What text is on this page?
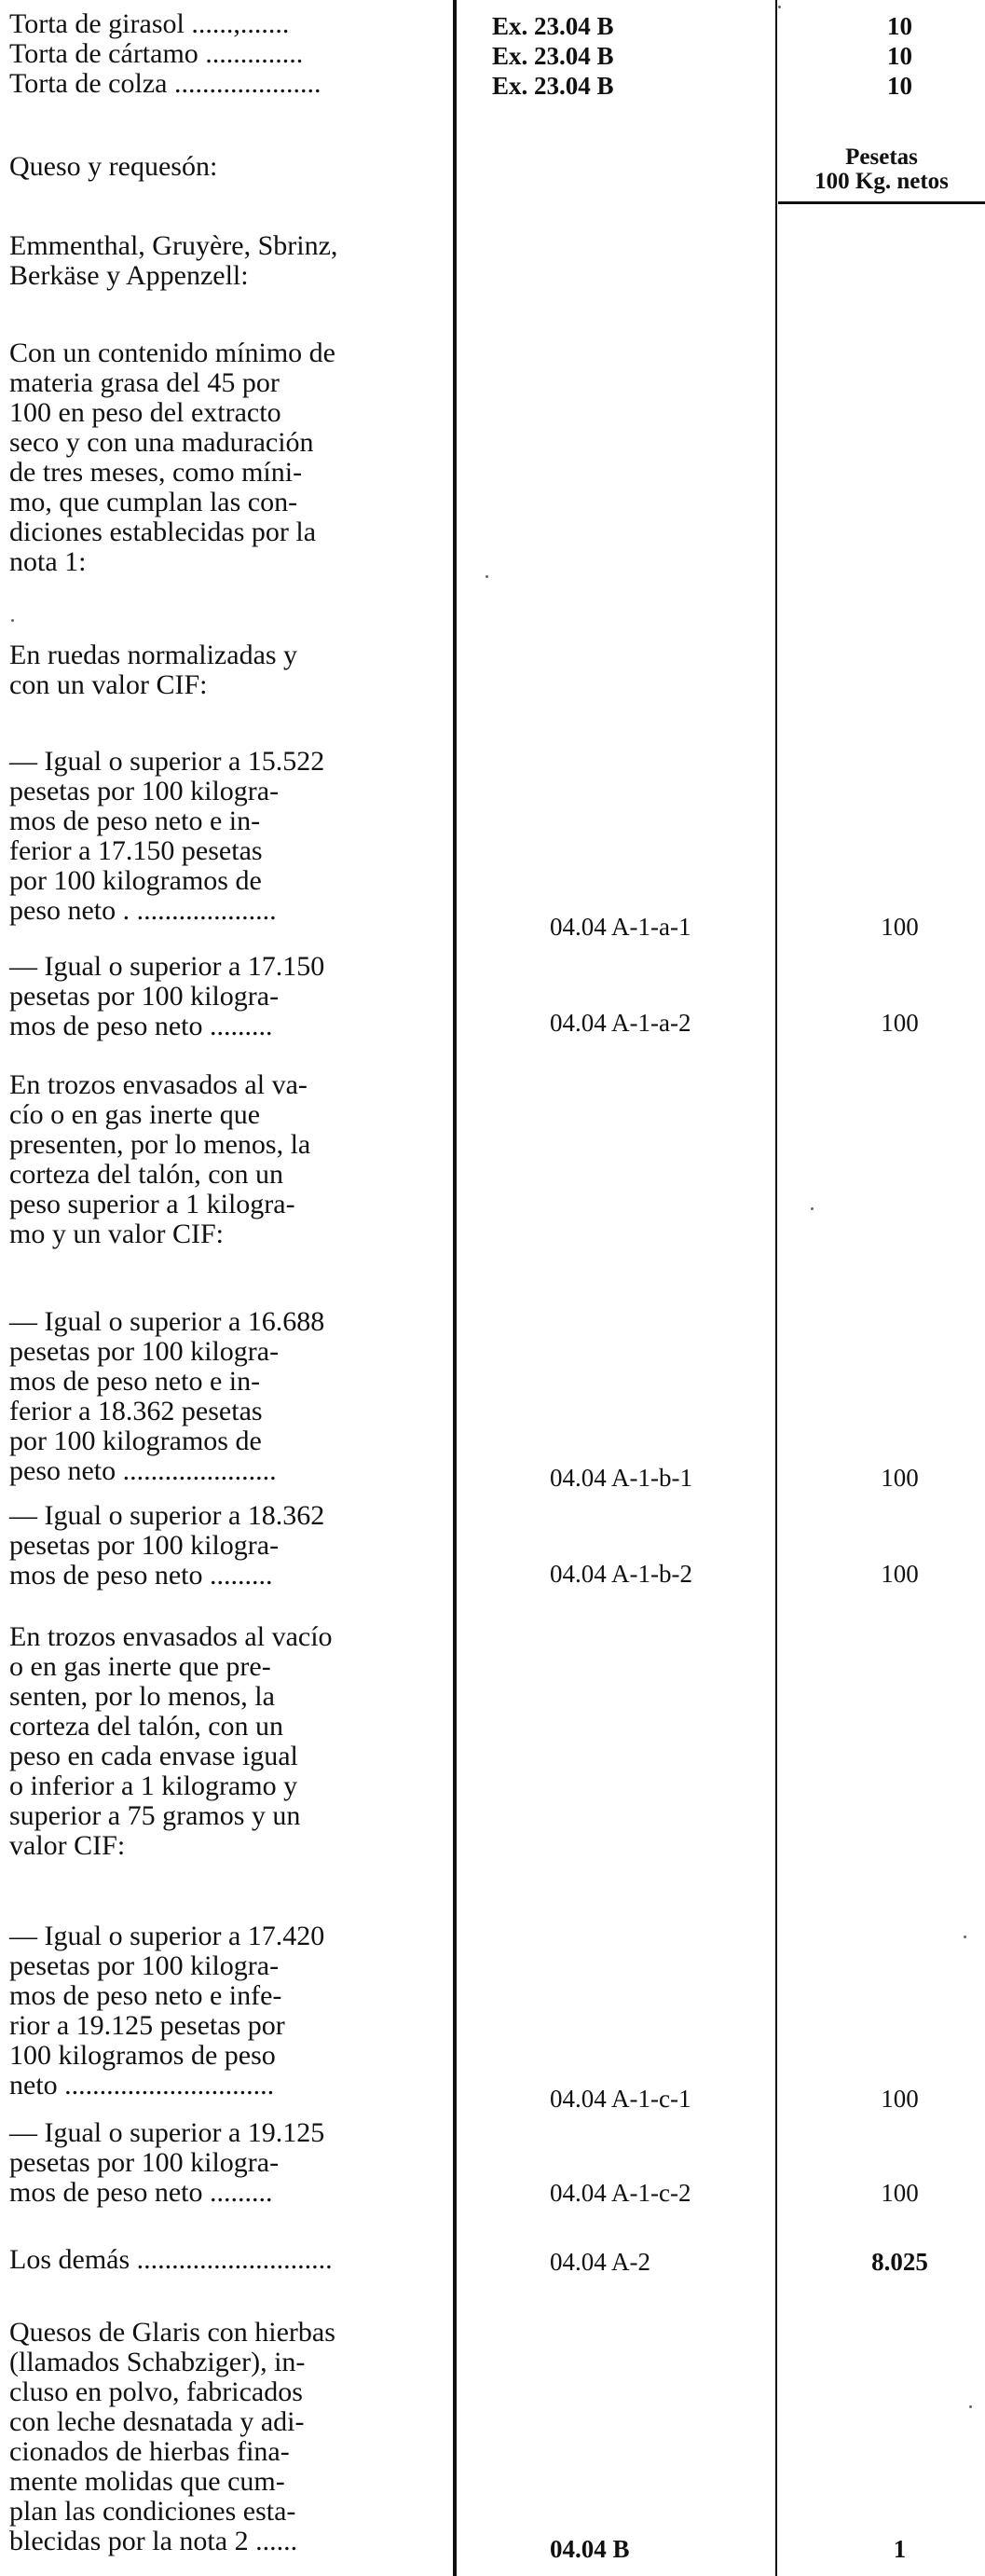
Pesetas
100 Kg. netos
Torta de girasol ......,.......	Ex. 23.04 B	10
Torta de cártamo ..............	Ex. 23.04 B	10
Torta de colza .....................	Ex. 23.04 B	10
Queso y requesón:
Emmenthal, Gruyère, Sbrinz,
Berkäse y Appenzell:
Con un contenido mínimo de
materia grasa del 45 por
100 en peso del extracto
seco y con una maduración
de tres meses, como míni-
mo, que cumplan las con-
diciones establecidas por la
nota 1:
En ruedas normalizadas y
con un valor CIF:
— Igual o superior a 15.522
pesetas por 100 kilogra-
mos de peso neto e in-
ferior a 17.150 pesetas
por 100 kilogramos de
peso neto . ....................
04.04 A-1-a-1	100
— Igual o superior a 17.150
pesetas por 100 kilogra-
mos de peso neto .........	04.04 A-1-a-2	100
En trozos envasados al va-
cío o en gas inerte que
presenten, por lo menos, la
corteza del talón, con un
peso superior a 1 kilogra-
mo y un valor CIF:
— Igual o superior a 16.688
pesetas por 100 kilogra-
mos de peso neto e in-
ferior a 18.362 pesetas
por 100 kilogramos de
peso neto ......................	04.04 A-1-b-1	100
— Igual o superior a 18.362
pesetas por 100 kilogra-
mos de peso neto .........	04.04 A-1-b-2	100
En trozos envasados al vacío
o en gas inerte que pre-
senten, por lo menos, la
corteza del talón, con un
peso en cada envase igual
o inferior a 1 kilogramo y
superior a 75 gramos y un
valor CIF:
— Igual o superior a 17.420
pesetas por 100 kilogra-
mos de peso neto e infe-
rior a 19.125 pesetas por
100 kilogramos de peso
neto ..............................	04.04 A-1-c-1	100
— Igual o superior a 19.125
pesetas por 100 kilogra-
mos de peso neto .........	04.04 A-1-c-2	100
Los demás ............................	04.04 A-2	8.025
Quesos de Glaris con hierbas
(llamados Schabziger), in-
cluso en polvo, fabricados
con leche desnatada y adi-
cionados de hierbas fina-
mente molidas que cum-
plan las condiciones esta-
blecidas por la nota 2 ......	04.04 B	1
